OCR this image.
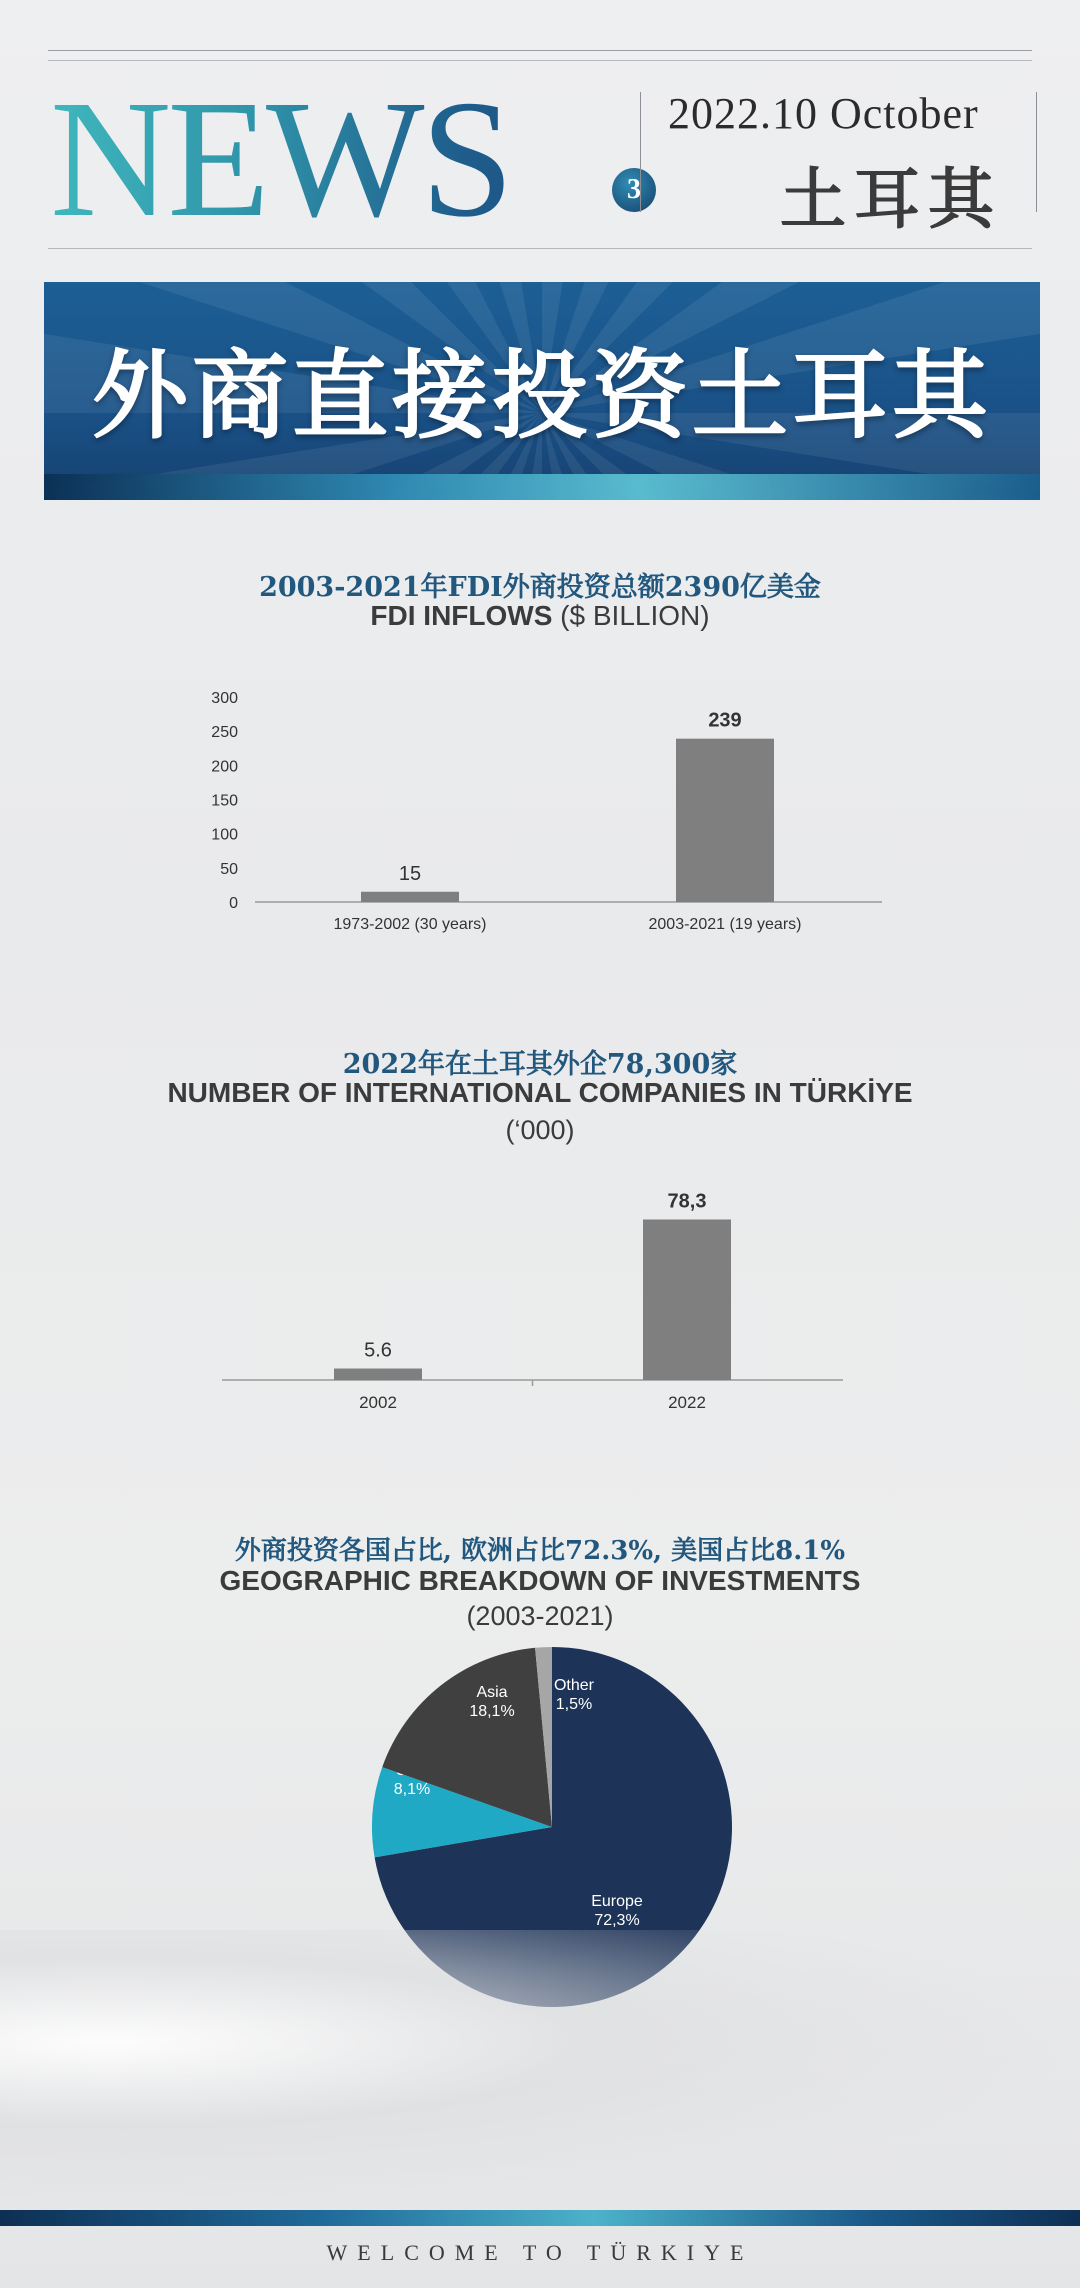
NEWS	3
2022.10 October
土耳其
外商直接投资土耳其
2003-2021年FDI外商投资总额2390亿美金
FDI INFLOWS ($ BILLION)
0
50
100
150
200
250
300
15
1973-2002 (30 years)
239
2003-2021 (19 years)
2022年在土耳其外企78,300家
NUMBER OF INTERNATIONAL COMPANIES IN TÜRKİYE
(‘000)
5.6
2002
78,3
2022
外商投资各国占比, 欧洲占比72.3%, 美国占比8.1%
GEOGRAPHIC BREAKDOWN OF INVESTMENTS
(2003-2021)
Europe
72,3%
8,1%
Asia
18,1%
Other
1,5%
WELCOME TO TÜRKIYE
